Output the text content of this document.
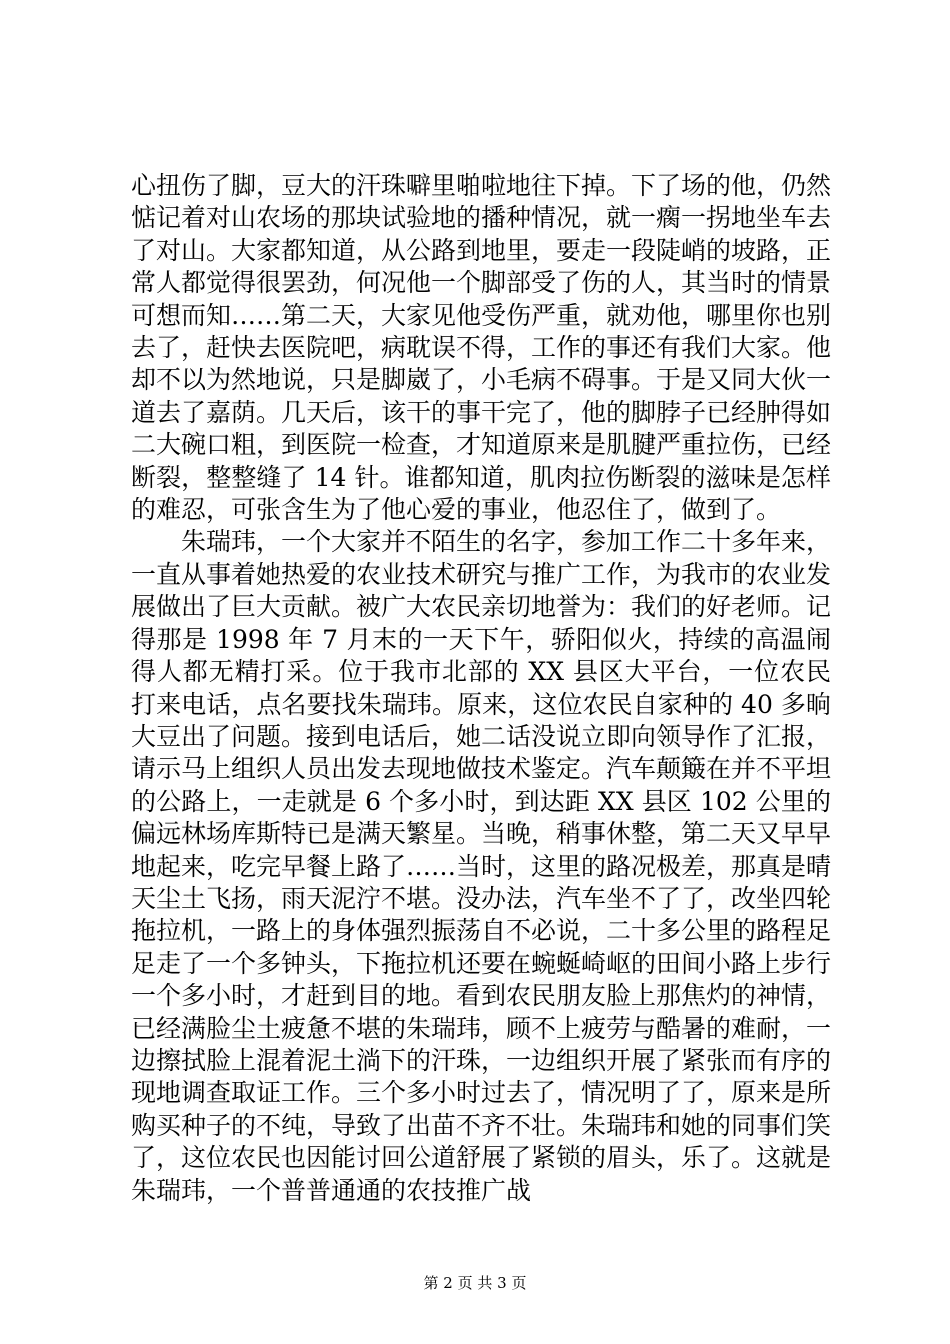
心扭伤了脚，豆大的汗珠噼里啪啦地往下掉。下了场的他，仍然惦记着对山农场的那块试验地的播种情况，就一瘸一拐地坐车去了对山。大家都知道，从公路到地里，要走一段陡峭的坡路，正常人都觉得很罢劲，何况他一个脚部受了伤的人，其当时的情景可想而知……第二天，大家见他受伤严重，就劝他，哪里你也别去了，赶快去医院吧，病耽误不得，工作的事还有我们大家。他却不以为然地说，只是脚崴了，小毛病不碍事。于是又同大伙一道去了嘉荫。几天后，该干的事干完了，他的脚脖子已经肿得如二大碗口粗，到医院一检查，才知道原来是肌腱严重拉伤，已经断裂，整整缝了 14 针。谁都知道，肌肉拉伤断裂的滋味是怎样的难忍，可张含生为了他心爱的事业，他忍住了，做到了。

朱瑞玮，一个大家并不陌生的名字，参加工作二十多年来，一直从事着她热爱的农业技术研究与推广工作，为我市的农业发展做出了巨大贡献。被广大农民亲切地誉为：我们的好老师。记得那是 1998 年 7 月末的一天下午，骄阳似火，持续的高温闹得人都无精打采。位于我市北部的 XX 县区大平台，一位农民打来电话，点名要找朱瑞玮。原来，这位农民自家种的 40 多晌大豆出了问题。接到电话后，她二话没说立即向领导作了汇报，请示马上组织人员出发去现地做技术鉴定。汽车颠簸在并不平坦的公路上，一走就是 6 个多小时，到达距 XX 县区 102 公里的偏远林场库斯特已是满天繁星。当晚，稍事休整，第二天又早早地起来，吃完早餐上路了……当时，这里的路况极差，那真是晴天尘土飞扬，雨天泥泞不堪。没办法，汽车坐不了了，改坐四轮拖拉机，一路上的身体强烈振荡自不必说，二十多公里的路程足足走了一个多钟头，下拖拉机还要在蜿蜒崎岖的田间小路上步行一个多小时，才赶到目的地。看到农民朋友脸上那焦灼的神情，已经满脸尘土疲惫不堪的朱瑞玮，顾不上疲劳与酷暑的难耐，一边擦拭脸上混着泥土淌下的汗珠，一边组织开展了紧张而有序的现地调查取证工作。三个多小时过去了，情况明了了，原来是所购买种子的不纯，导致了出苗不齐不壮。朱瑞玮和她的同事们笑了，这位农民也因能讨回公道舒展了紧锁的眉头，乐了。这就是朱瑞玮，一个普普通通的农技推广战

第 2 页 共 3 页
